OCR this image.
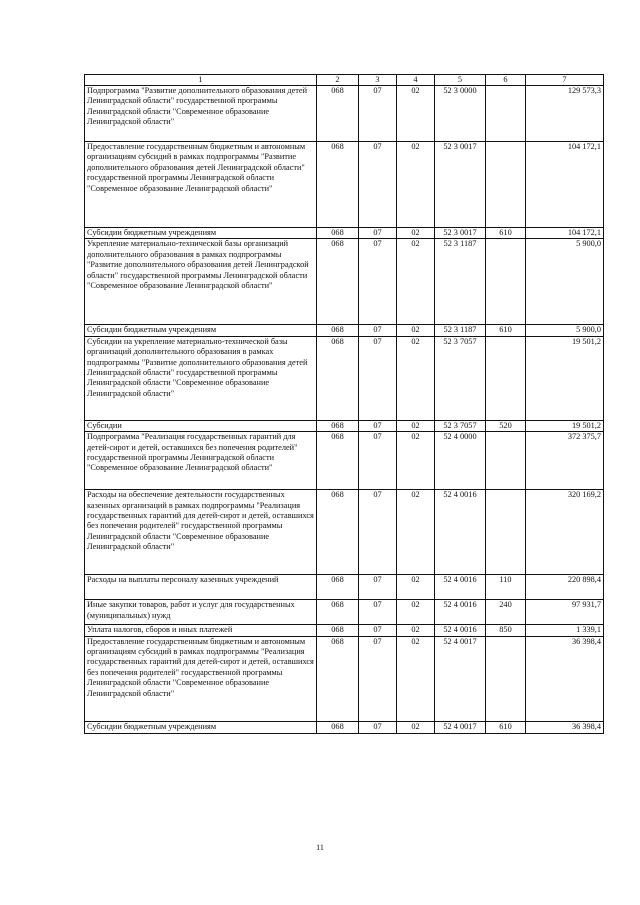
1	2	3	4	5	6	7
Подпрограмма "Развитие дополнительного образования детей Ленинградской области" государственной программы Ленинградской области "Современное образование Ленинградской области"	068	07	02	52 3 0000		129 573,3
Предоставление государственным бюджетным и автономным организациям субсидий в рамках подпрограммы "Развитие дополнительного образования детей Ленинградской области" государственной программы Ленинградской области "Современное образование Ленинградской области"	068	07	02	52 3 0017		104 172,1
Субсидии бюджетным учреждениям	068	07	02	52 3 0017	610	104 172,1
Укрепление материально-технической базы организаций дополнительного образования в рамках подпрограммы "Развитие дополнительного образования детей Ленинградской области" государственной программы Ленинградской области "Современное образование Ленинградской области"	068	07	02	52 3 1187		5 900,0
Субсидии бюджетным учреждениям	068	07	02	52 3 1187	610	5 900,0
Субсидии на укрепление материально-технической базы организаций дополнительного образования в рамках подпрограммы "Развитие дополнительного образования детей Ленинградской области" государственной программы Ленинградской области "Современное образование Ленинградской области"	068	07	02	52 3 7057		19 501,2
Субсидии	068	07	02	52 3 7057	520	19 501,2
Подпрограмма "Реализация государственных гарантий для детей-сирот и детей, оставшихся без попечения родителей" государственной программы Ленинградской области "Современное образование Ленинградской области"	068	07	02	52 4 0000		372 375,7
Расходы на обеспечение деятельности государственных казенных организаций в рамках подпрограммы "Реализация государственных гарантий для детей-сирот и детей, оставшихся без попечения родителей" государственной программы Ленинградской области "Современное образование Ленинградской области"	068	07	02	52 4 0016		320 169,2
Расходы на выплаты персоналу казенных учреждений	068	07	02	52 4 0016	110	220 898,4
Иные закупки товаров, работ и услуг для государственных (муниципальных) нужд	068	07	02	52 4 0016	240	97 931,7
Уплата налогов, сборов и иных платежей	068	07	02	52 4 0016	850	1 339,1
Предоставление государственным бюджетным и автономным организациям субсидий в рамках подпрограммы "Реализация государственных гарантий для детей-сирот и детей, оставшихся без попечения родителей" государственной программы Ленинградской области "Современное образование Ленинградской области"	068	07	02	52 4 0017		36 398,4
Субсидии бюджетным учреждениям	068	07	02	52 4 0017	610	36 398,4
11
